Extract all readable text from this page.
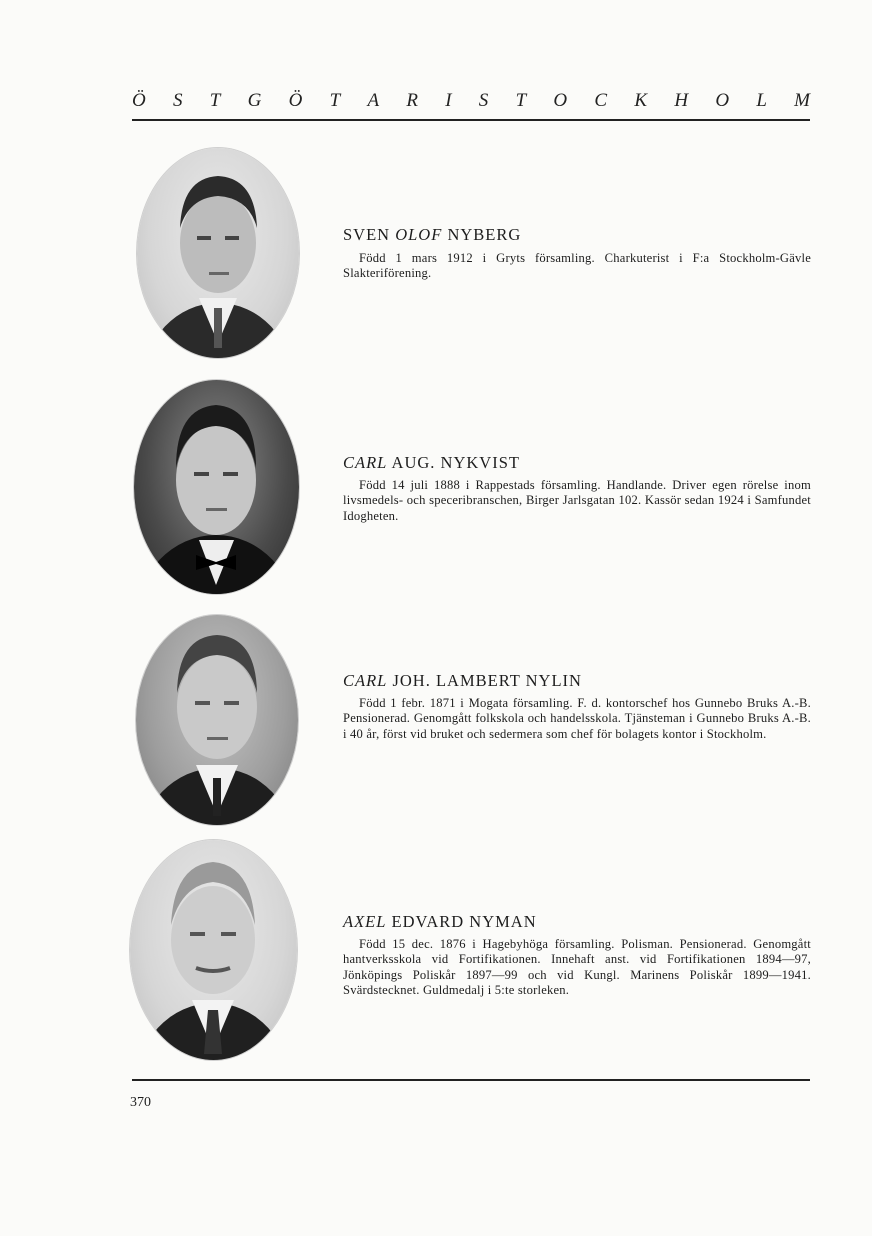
Ö S T G Ö T A R I S T O C K H O L M
SVEN OLOF NYBERG
Född 1 mars 1912 i Gryts församling. Charkuterist i F:a Stockholm-Gävle Slakteriförening.
CARL AUG. NYKVIST
Född 14 juli 1888 i Rappestads församling. Handlande. Driver egen rörelse inom livsmedels- och speceribranschen, Birger Jarlsgatan 102. Kassör sedan 1924 i Samfundet Idogheten.
CARL JOH. LAMBERT NYLIN
Född 1 febr. 1871 i Mogata församling. F. d. kontorschef hos Gunnebo Bruks A.-B. Pensionerad. Genomgått folkskola och handelsskola. Tjänsteman i Gunnebo Bruks A.-B. i 40 år, först vid bruket och sedermera som chef för bolagets kontor i Stockholm.
AXEL EDVARD NYMAN
Född 15 dec. 1876 i Hagebyhöga församling. Polisman. Pensionerad. Genomgått hantverksskola vid Fortifikationen. Innehaft anst. vid Fortifikationen 1894—97, Jönköpings Poliskår 1897—99 och vid Kungl. Marinens Poliskår 1899—1941. Svärdstecknet. Guldmedalj i 5:te storleken.
370
